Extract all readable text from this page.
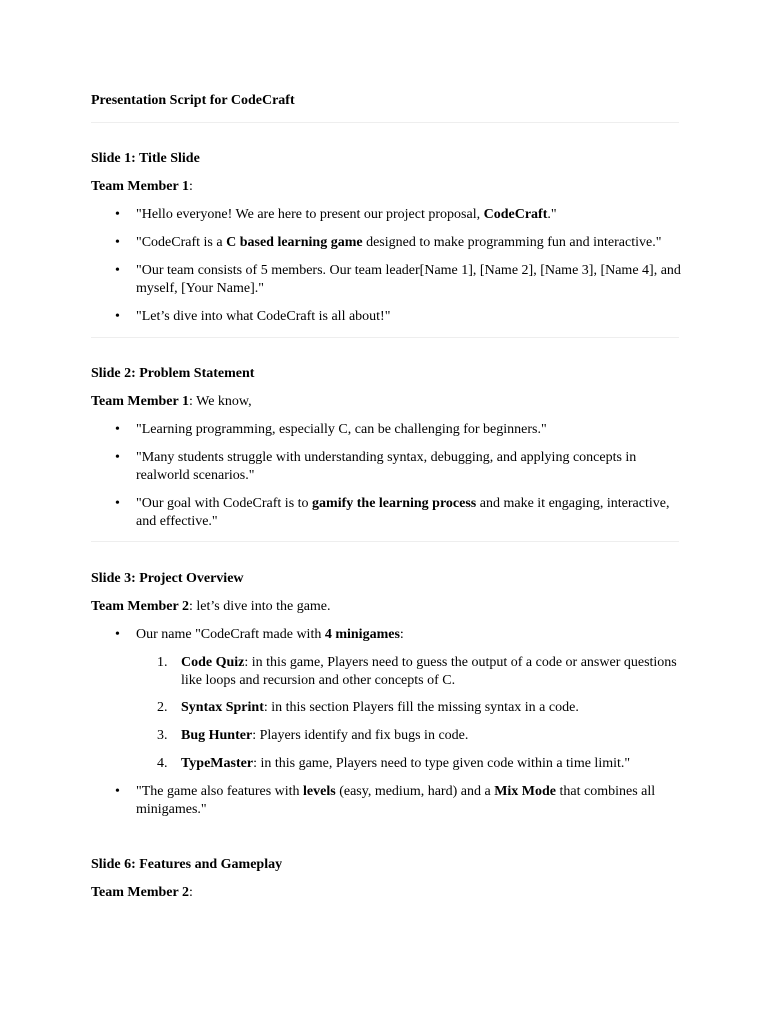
Presentation Script for CodeCraft
Slide 1: Title Slide
Team Member 1:
• "Hello everyone! We are here to present our project proposal, CodeCraft."
• "CodeCraft is a C based learning game designed to make programming fun and interactive."
• "Our team consists of 5 members. Our team leader[Name 1], [Name 2], [Name 3], [Name 4], and
myself, [Your Name]."
• "Let’s dive into what CodeCraft is all about!"
Slide 2: Problem Statement
Team Member 1: We know,
• "Learning programming, especially C, can be challenging for beginners."
• "Many students struggle with understanding syntax, debugging, and applying concepts in
realworld scenarios."
• "Our goal with CodeCraft is to gamify the learning process and make it engaging, interactive,
and effective."
Slide 3: Project Overview
Team Member 2: let’s dive into the game.
• Our name "CodeCraft made with 4 minigames:
1. Code Quiz: in this game, Players need to guess the output of a code or answer questions
like loops and recursion and other concepts of C.
2. Syntax Sprint: in this section Players fill the missing syntax in a code.
3. Bug Hunter: Players identify and fix bugs in code.
4. TypeMaster: in this game, Players need to type given code within a time limit."
• "The game also features with levels (easy, medium, hard) and a Mix Mode that combines all
minigames."
Slide 6: Features and Gameplay
Team Member 2:
